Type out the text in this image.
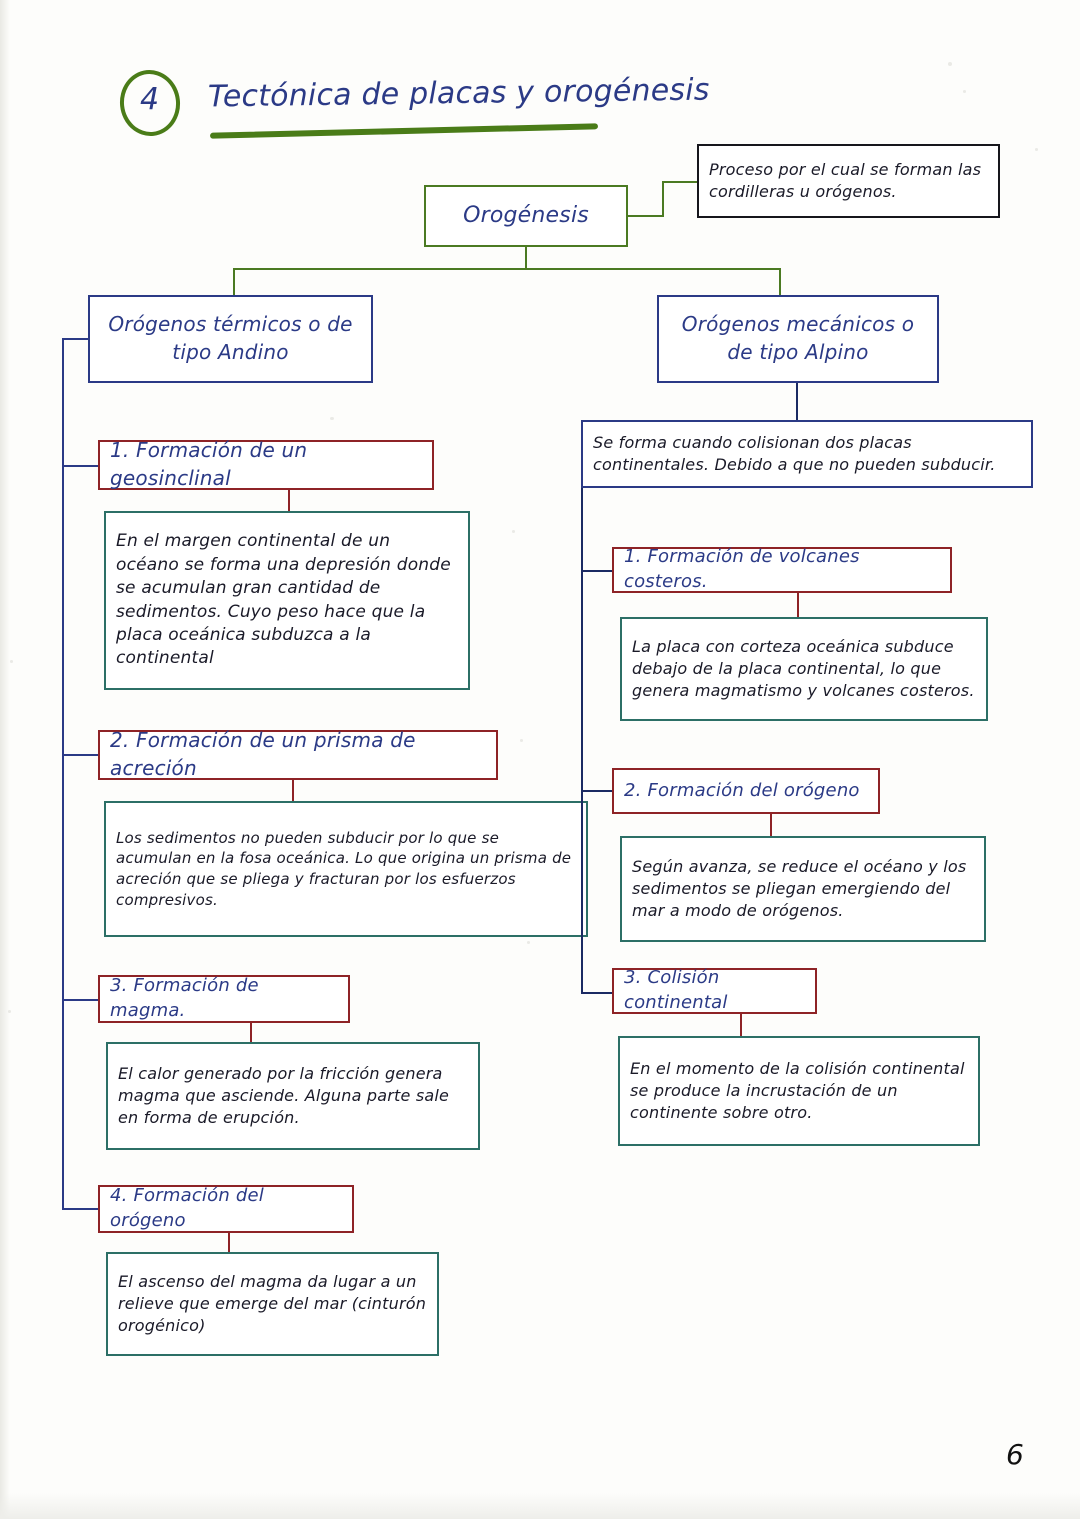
4	Tectónica de placas y orogénesis
Orogénesis
Proceso por el cual se forman las cordilleras u orógenos.
Orógenos térmicos o de tipo Andino
1. Formación de un geosinclinal
En el margen continental de un océano se forma una depresión donde se acumulan gran cantidad de sedimentos. Cuyo peso hace que la placa oceánica subduzca a la continental
2. Formación de un prisma de acreción
Los sedimentos no pueden subducir por lo que se acumulan en la fosa oceánica. Lo que origina un prisma de acreción que se pliega y fracturan por los esfuerzos compresivos.
3. Formación de magma.
El calor generado por la fricción genera magma que asciende. Alguna parte sale en forma de erupción.
4. Formación del orógeno
El ascenso del magma da lugar a un relieve que emerge del mar (cinturón orogénico)
Orógenos mecánicos o de tipo Alpino
Se forma cuando colisionan dos placas continentales. Debido a que no pueden subducir.
1. Formación de volcanes costeros.
La placa con corteza oceánica subduce debajo de la placa continental, lo que genera magmatismo y volcanes costeros.
2. Formación del orógeno
Según avanza, se reduce el océano y los sedimentos se pliegan emergiendo del mar a modo de orógenos.
3. Colisión continental
En el momento de la colisión continental se produce la incrustación de un continente sobre otro.
6
